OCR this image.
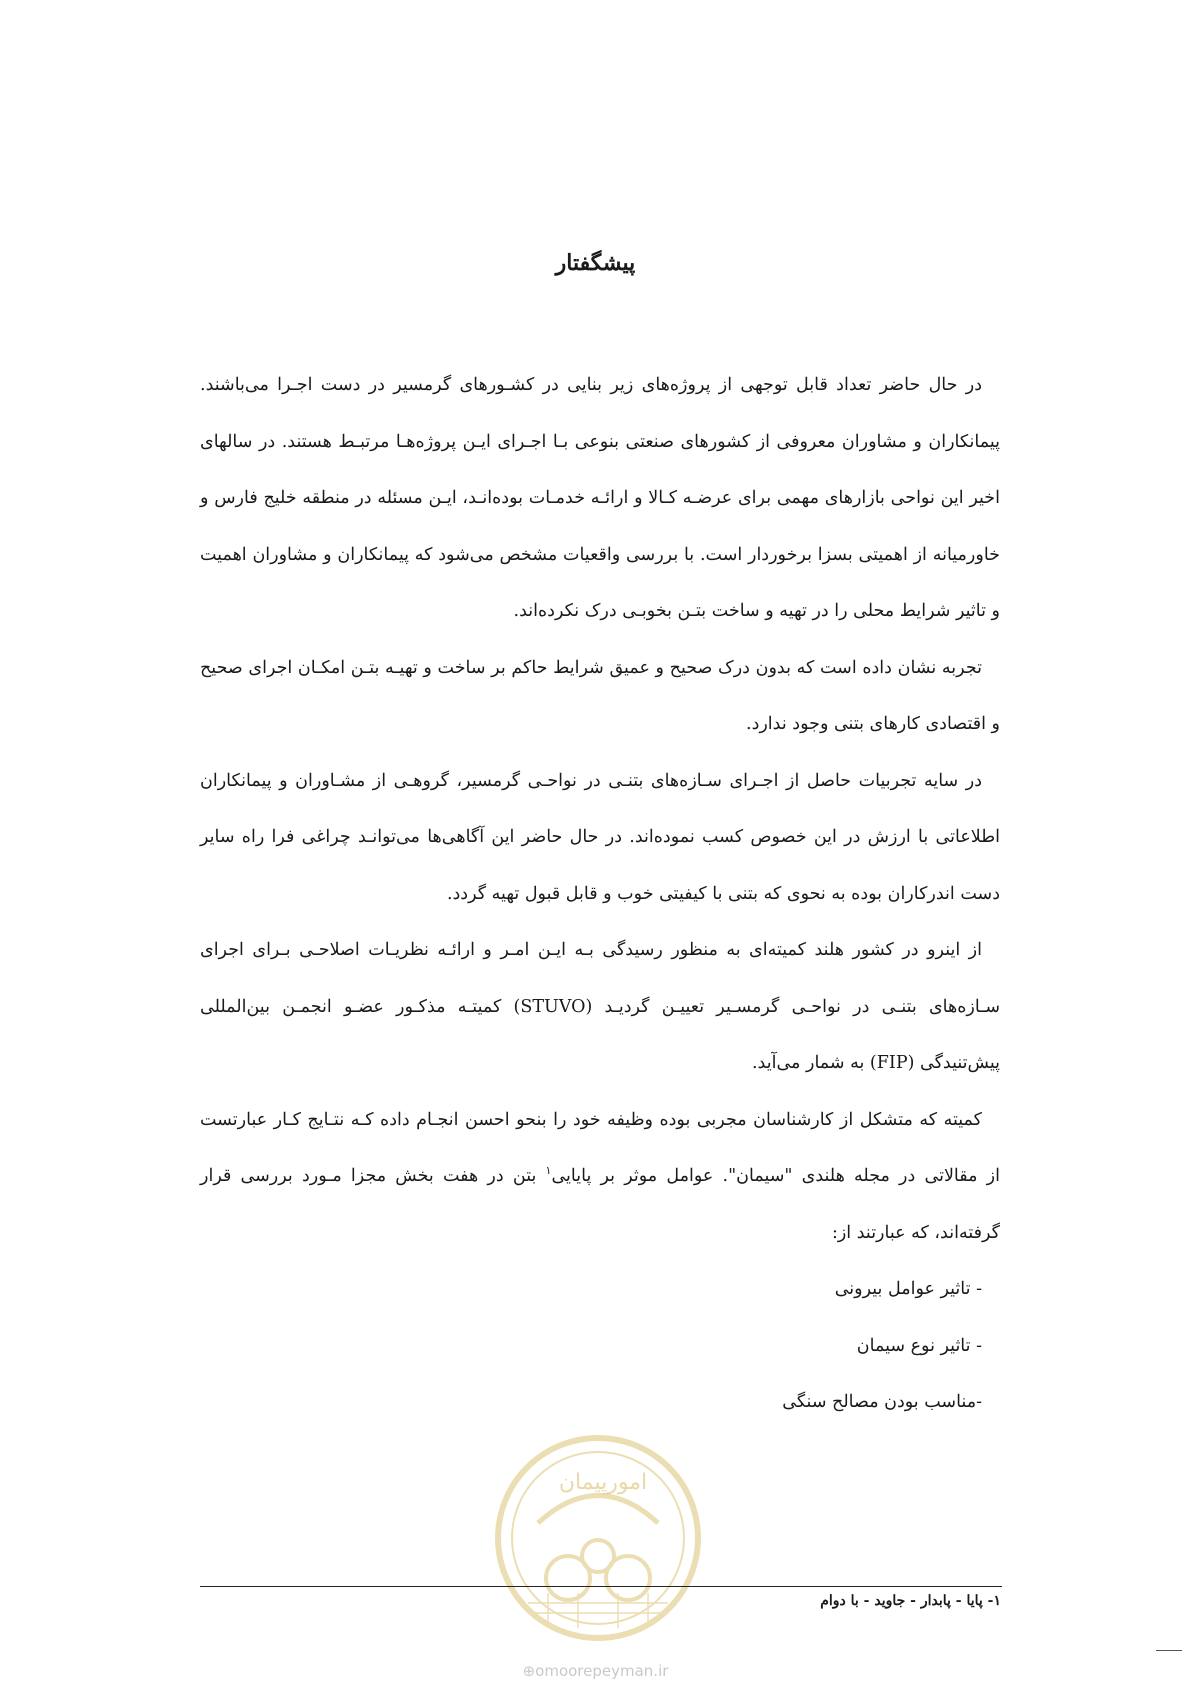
پیشگفتار

در حال حاضر تعداد قابل توجهی از پروژه‌های زیر بنایی در کشـورهای گرمسیر در دست اجـرا می‌باشند. پیمانکاران و مشاوران معروفی از کشورهای صنعتی بنوعی بـا اجـرای ایـن پروژه‌هـا مرتبـط هستند. در سالهای اخیر این نواحی بازارهای مهمی برای عرضـه کـالا و ارائـه خدمـات بوده‌انـد، ایـن مسئله در منطقه خلیج فارس و خاورمیانه از اهمیتی بسزا برخوردار است. با بررسی واقعیات مشخص می‌شود که پیمانکاران و مشاوران اهمیت و تاثیر شرایط محلی را در تهیه و ساخت بتـن بخوبـی درک نکرده‌اند.

تجربه نشان داده است که بدون درک صحیح و عمیق شرایط حاکم بر ساخت و تهیـه بتـن امکـان اجرای صحیح و اقتصادی کارهای بتنی وجود ندارد.

در سایه تجربیات حاصل از اجـرای سـازه‌های بتنـی در نواحـی گرمسیر، گروهـی از مشـاوران و پیمانکاران اطلاعاتی با ارزش در این خصوص کسب نموده‌اند. در حال حاضر این آگاهی‌ها می‌توانـد چراغی فرا راه سایر دست اندرکاران بوده به نحوی که بتنی با کیفیتی خوب و قابل قبول تهیه گردد.

از اینرو در کشور هلند کمیته‌ای به منظور رسیدگی بـه ایـن امـر و ارائـه نظریـات اصلاحـی بـرای اجرای سـازه‌های بتنـی در نواحـی گرمسـیر تعییـن گردیـد (STUVO) کمیتـه مذکـور عضـو انجمـن بین‌المللی پیش‌تنیدگی (FIP) به شمار می‌آید.

کمیته که متشکل از کارشناسان مجربی بوده وظیفه خود را بنحو احسن انجـام داده کـه نتـایج کـار عبارتست از مقالاتی در مجله هلندی "سیمان". عوامل موثر بر پایایی$^۱$ بتن در هفت بخش مجزا مـورد بررسی قرار گرفته‌اند، که عبارتند از:

- تاثیر عوامل بیرونی
- تاثیر نوع سیمان
-مناسب بودن مصالح سنگی
امورپیمان
۱- پایا - پابدار - جاوید - با دوام
⊕omoorepeyman.ir
